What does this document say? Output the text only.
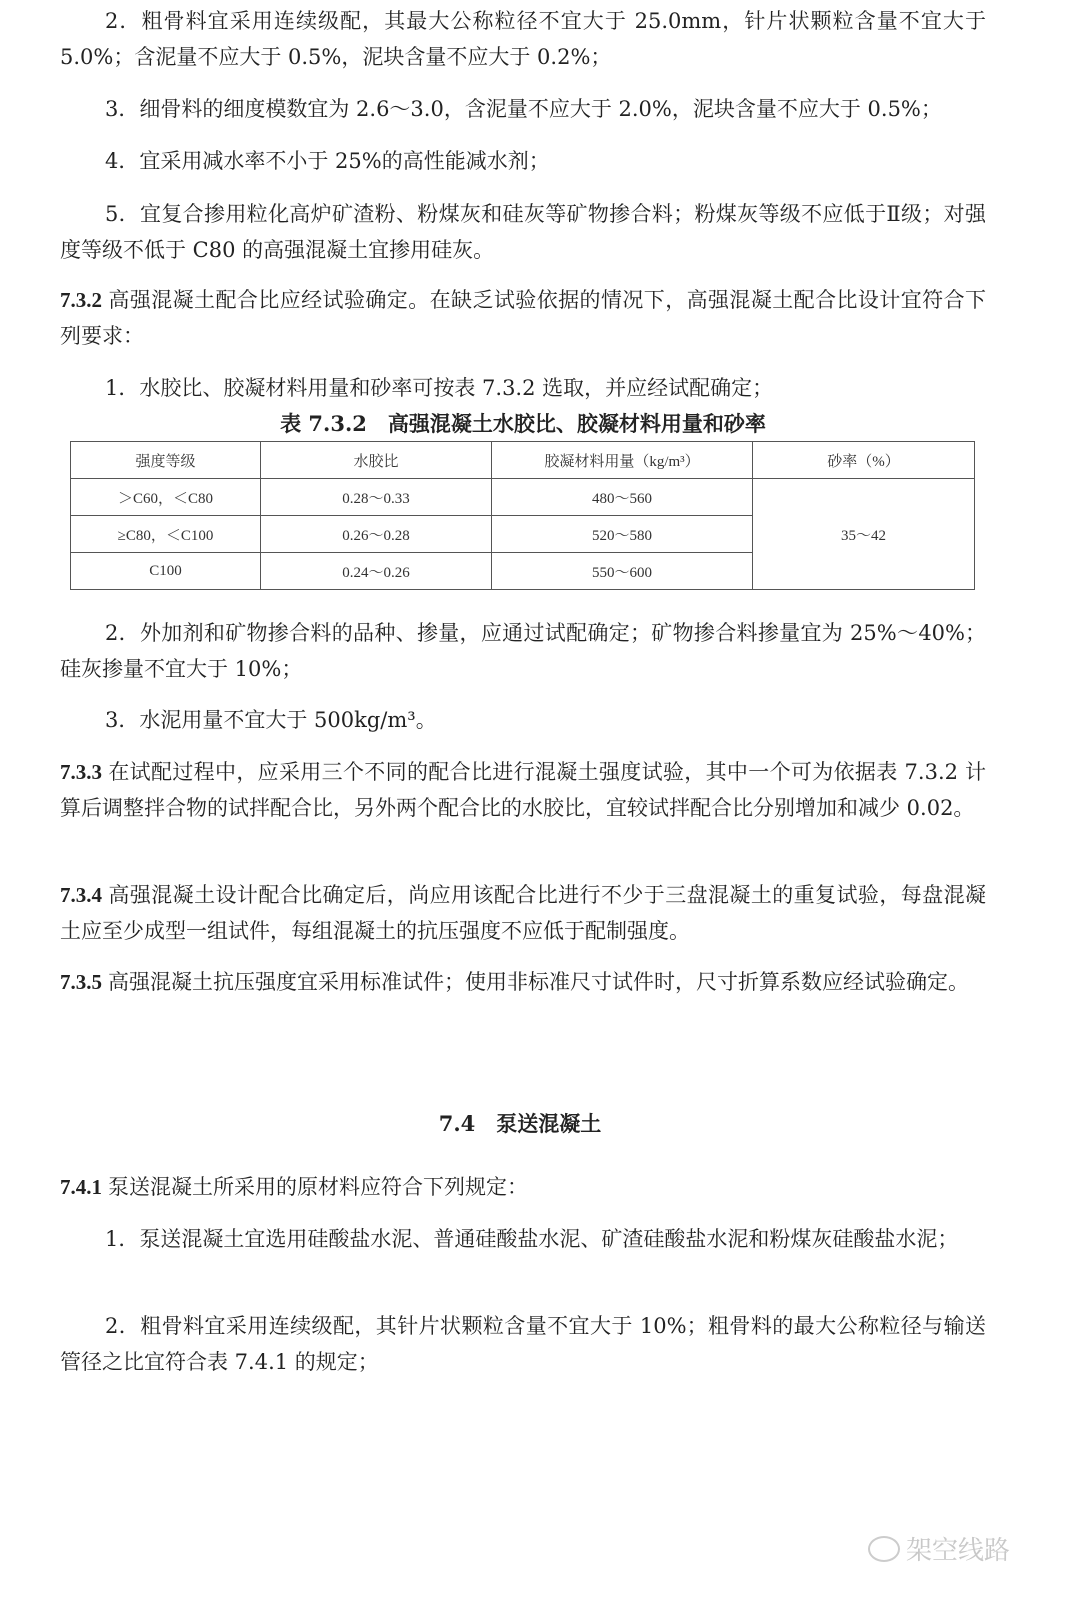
2．粗骨料宜采用连续级配，其最大公称粒径不宜大于 25.0mm，针片状颗粒含量不宜大于 5.0%；含泥量不应大于 0.5%，泥块含量不应大于 0.2%；
3．细骨料的细度模数宜为 2.6～3.0，含泥量不应大于 2.0%，泥块含量不应大于 0.5%；
4．宜采用减水率不小于 25%的高性能减水剂；
5．宜复合掺用粒化高炉矿渣粉、粉煤灰和硅灰等矿物掺合料；粉煤灰等级不应低于Ⅱ级；对强度等级不低于 C80 的高强混凝土宜掺用硅灰。
7.3.2 高强混凝土配合比应经试验确定。在缺乏试验依据的情况下，高强混凝土配合比设计宜符合下列要求：
1．水胶比、胶凝材料用量和砂率可按表 7.3.2 选取，并应经试配确定；
表 7.3.2　高强混凝土水胶比、胶凝材料用量和砂率
强度等级	水胶比	胶凝材料用量（kg/m³）	砂率（%）
＞C60，＜C80	0.28～0.33	480～560	35～42
≥C80，＜C100	0.26～0.28	520～580	
C100	0.24～0.26	550～600	
2．外加剂和矿物掺合料的品种、掺量，应通过试配确定；矿物掺合料掺量宜为 25%～40%；硅灰掺量不宜大于 10%；
3．水泥用量不宜大于 500kg/m³。
7.3.3 在试配过程中，应采用三个不同的配合比进行混凝土强度试验，其中一个可为依据表 7.3.2 计算后调整拌合物的试拌配合比，另外两个配合比的水胶比，宜较试拌配合比分别增加和减少 0.02。
7.3.4 高强混凝土设计配合比确定后，尚应用该配合比进行不少于三盘混凝土的重复试验，每盘混凝土应至少成型一组试件，每组混凝土的抗压强度不应低于配制强度。
7.3.5 高强混凝土抗压强度宜采用标准试件；使用非标准尺寸试件时，尺寸折算系数应经试验确定。
7.4　泵送混凝土
7.4.1 泵送混凝土所采用的原材料应符合下列规定：
1．泵送混凝土宜选用硅酸盐水泥、普通硅酸盐水泥、矿渣硅酸盐水泥和粉煤灰硅酸盐水泥；
2．粗骨料宜采用连续级配，其针片状颗粒含量不宜大于 10%；粗骨料的最大公称粒径与输送管径之比宜符合表 7.4.1 的规定；
架空线路
